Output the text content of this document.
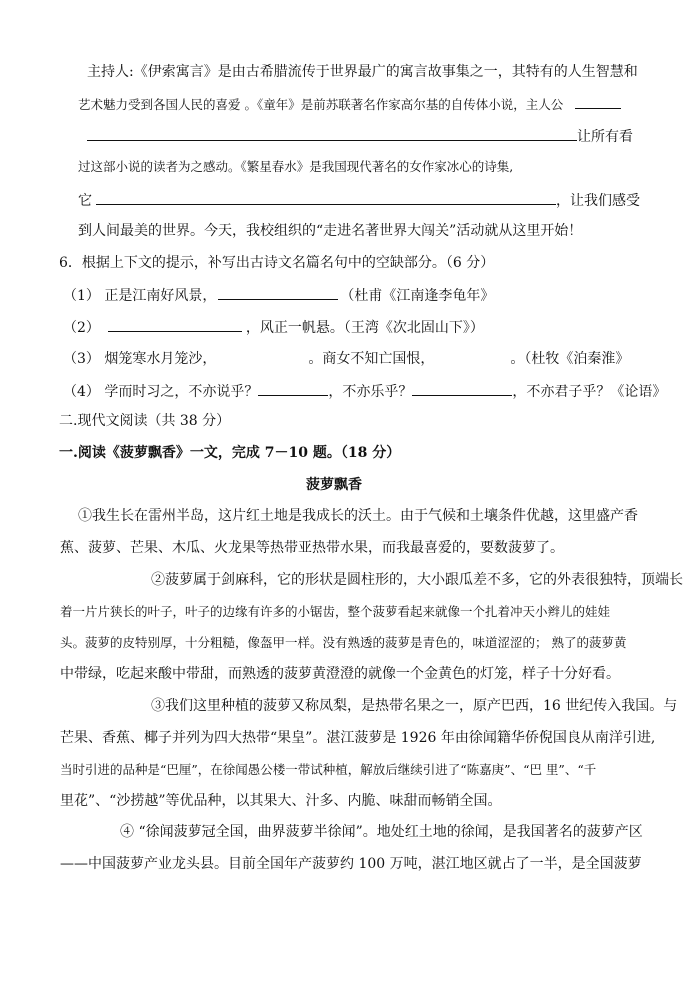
主持人:《伊索寓言》是由古希腊流传于世界最广的寓言故事集之一，其特有的人生智慧和
艺术魅力受到各国人民的喜爱 。《童年》是前苏联著名作家高尔基的自传体小说，主人公
让所有看
过这部小说的读者为之感动。《繁星春水》是我国现代著名的女作家冰心的诗集,
它	，让我们感受
到人间最美的世界。今天，我校组织的“走进名著世界大闯关”活动就从这里开始！
6．根据上下文的提示，补写出古诗文名篇名句中的空缺部分。（6 分）
（1） 正是江南好风景，	（杜甫《江南逢李龟年》
（2）	，风正一帆悬。（王湾《次北固山下》）
（3） 烟笼寒水月笼沙，	。商女不知亡国恨，	。（杜牧《泊秦淮》
（4） 学而时习之，不亦说乎？	，不亦乐乎？	，不亦君子乎？《论语》
二.现代文阅读（共 38 分）
一.阅读《菠萝飘香》一文，完成 7－10 题。（18 分）
菠萝飘香
①我生长在雷州半岛，这片红土地是我成长的沃土。由于气候和土壤条件优越，这里盛产香
蕉、菠萝、芒果、木瓜、火龙果等热带亚热带水果，而我最喜爱的，要数菠萝了。
②菠萝属于剑麻科，它的形状是圆柱形的，大小跟瓜差不多，它的外表很独特，顶端长
着一片片狭长的叶子，叶子的边缘有许多的小锯齿，整个菠萝看起来就像一个扎着冲天小辫儿的娃娃
头。菠萝的皮特别厚，十分粗糙，像盔甲一样。没有熟透的菠萝是青色的，味道涩涩的； 熟了的菠萝黄
中带绿，吃起来酸中带甜，而熟透的菠萝黄澄澄的就像一个金黄色的灯笼，样子十分好看。
③我们这里种植的菠萝又称凤梨，是热带名果之一，原产巴西，16 世纪传入我国。与
芒果、香蕉、椰子并列为四大热带“果皇”。湛江菠萝是 1926 年由徐闻籍华侨倪国良从南洋引进,
当时引进的品种是“巴厘”，在徐闻愚公楼一带试种植，解放后继续引进了“陈嘉庚”、“巴 里”、“千
里花”、“沙捞越”等优品种，以其果大、汁多、内脆、味甜而畅销全国。
④ “徐闻菠萝冠全国，曲界菠萝半徐闻”。地处红土地的徐闻，是我国著名的菠萝产区
——中国菠萝产业龙头县。目前全国年产菠萝约 100 万吨，湛江地区就占了一半，是全国菠萝
